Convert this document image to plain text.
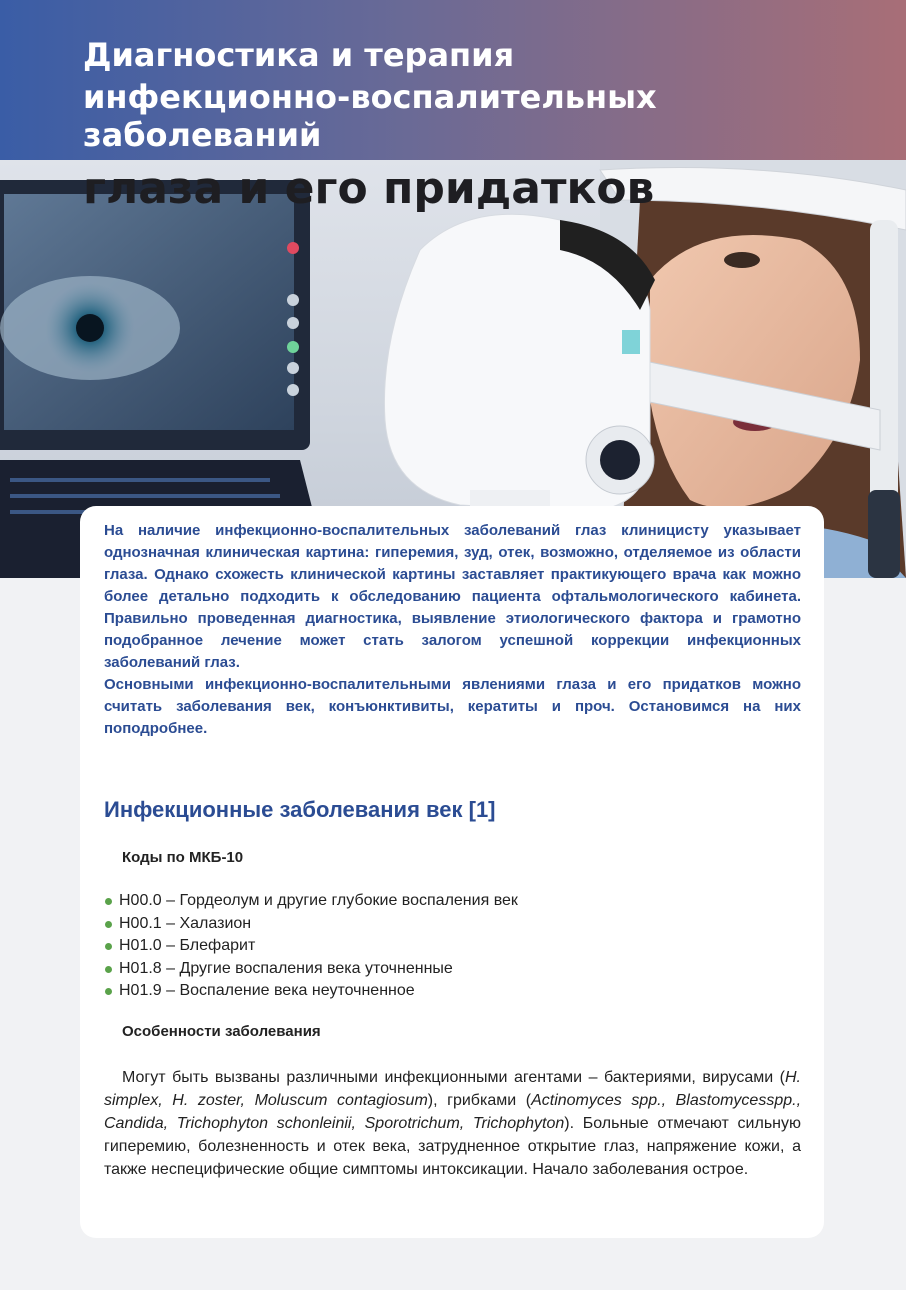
Диагностика и терапия
инфекционно-воспалительных
заболеваний
глаза и его придатков

На наличие инфекционно-воспалительных заболеваний глаз клиницисту указывает однозначная клиническая картина: гиперемия, зуд, отек, возможно, отделяемое из области глаза. Однако схожесть клинической картины заставляет практикующего врача как можно более детально подходить к обследованию пациента офтальмологического кабинета. Правильно проведенная диагностика, выявление этиологического фактора и грамотно подобранное лечение может стать залогом успешной коррекции инфекционных заболеваний глаз.

Основными инфекционно-воспалительными явлениями глаза и его придатков можно считать заболевания век, конъюнктивиты, кератиты и проч. Остановимся на них поподробнее.

Инфекционные заболевания век [1]
Коды по МКБ-10
H00.0 – Гордеолум и другие глубокие воспаления век
H00.1 – Халазион
H01.0 – Блефарит
H01.8 – Другие воспаления века уточненные
H01.9 – Воспаление века неуточненное
Особенности заболевания

Могут быть вызваны различными инфекционными агентами – бактериями, вирусами (H. simplex, H. zoster, Moluscum contagiosum), грибками (Actinomyces spp., Blastomycesspp., Candida, Trichophyton schonleinii, Sporotrichum, Trichophyton). Больные отмечают сильную гиперемию, болезненность и отек века, затрудненное открытие глаз, напряжение кожи, а также неспецифические общие симптомы интоксикации. Начало заболевания острое.
